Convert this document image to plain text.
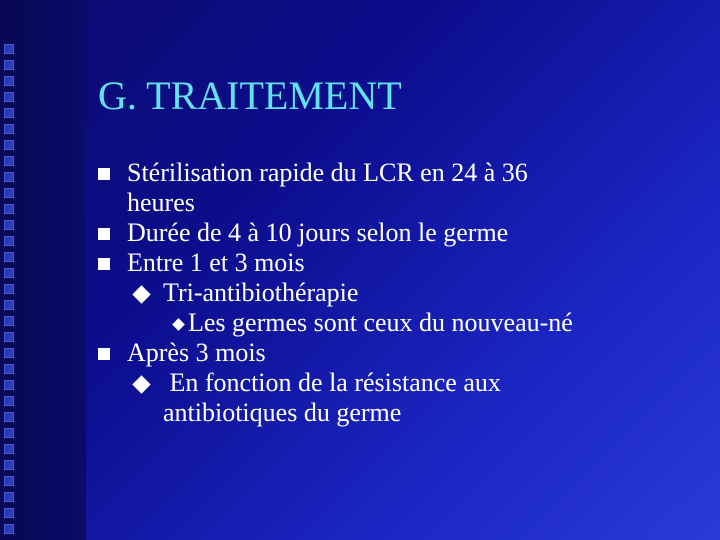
G. TRAITEMENT
Stérilisation rapide du LCR en 24 à 36
heures
Durée de 4 à 10 jours selon le germe
Entre 1 et 3 mois
Tri-antibiothérapie
Les germes sont ceux du nouveau-né
Après 3 mois
En fonction de la résistance aux
antibiotiques du germe
